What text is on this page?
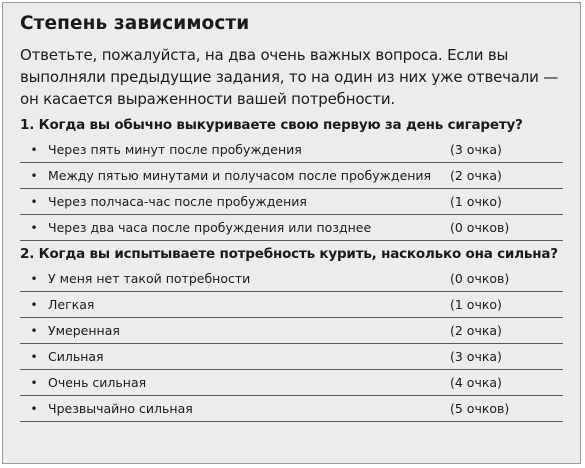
Степень зависимости

Ответьте, пожалуйста, на два очень важных вопроса. Если вы выполняли предыдущие задания, то на один из них уже отвечали — он касается выраженности вашей потребности.

1. Когда вы обычно выкуриваете свою первую за день сигарету?
• Через пять минут после пробуждения	(3 очка)
• Между пятью минутами и получасом после пробуждения	(2 очка)
• Через полчаса-час после пробуждения	(1 очко)
• Через два часа после пробуждения или позднее	(0 очков)
2. Когда вы испытываете потребность курить, насколько она сильна?
• У меня нет такой потребности	(0 очков)
• Легкая	(1 очко)
• Умеренная	(2 очка)
• Сильная	(3 очка)
• Очень сильная	(4 очка)
• Чрезвычайно сильная	(5 очков)
